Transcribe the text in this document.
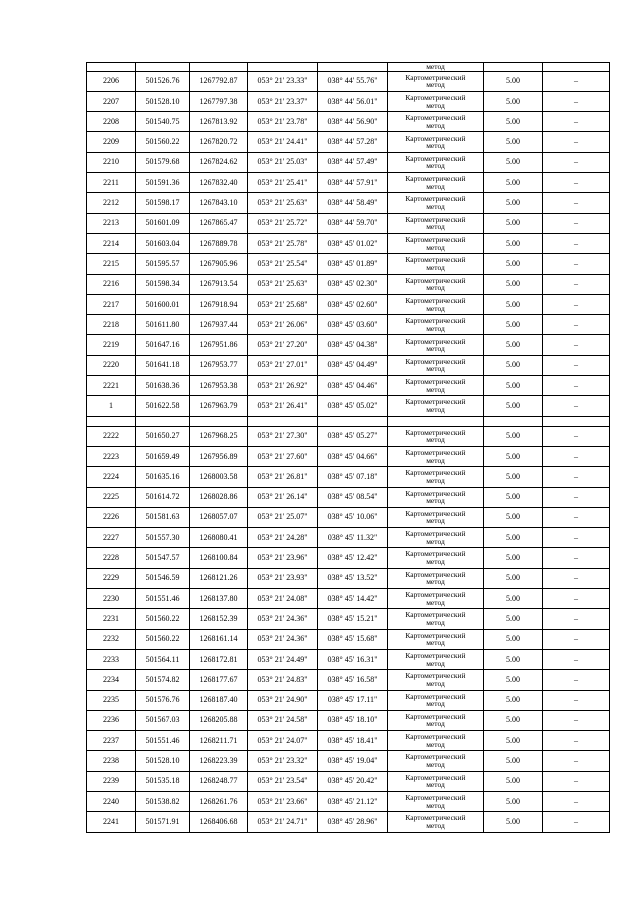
					метод		
2206	501526.76	1267792.87	053° 21' 23.33"	038° 44' 55.76"	Картометрический
метод	5.00	–
2207	501528.10	1267797.38	053° 21' 23.37"	038° 44' 56.01"	Картометрический
метод	5.00	–
2208	501540.75	1267813.92	053° 21' 23.78"	038° 44' 56.90"	Картометрический
метод	5.00	–
2209	501560.22	1267820.72	053° 21' 24.41"	038° 44' 57.28"	Картометрический
метод	5.00	–
2210	501579.68	1267824.62	053° 21' 25.03"	038° 44' 57.49"	Картометрический
метод	5.00	–
2211	501591.36	1267832.40	053° 21' 25.41"	038° 44' 57.91"	Картометрический
метод	5.00	–
2212	501598.17	1267843.10	053° 21' 25.63"	038° 44' 58.49"	Картометрический
метод	5.00	–
2213	501601.09	1267865.47	053° 21' 25.72"	038° 44' 59.70"	Картометрический
метод	5.00	–
2214	501603.04	1267889.78	053° 21' 25.78"	038° 45' 01.02"	Картометрический
метод	5.00	–
2215	501595.57	1267905.96	053° 21' 25.54"	038° 45' 01.89"	Картометрический
метод	5.00	–
2216	501598.34	1267913.54	053° 21' 25.63"	038° 45' 02.30"	Картометрический
метод	5.00	–
2217	501600.01	1267918.94	053° 21' 25.68"	038° 45' 02.60"	Картометрический
метод	5.00	–
2218	501611.80	1267937.44	053° 21' 26.06"	038° 45' 03.60"	Картометрический
метод	5.00	–
2219	501647.16	1267951.86	053° 21' 27.20"	038° 45' 04.38"	Картометрический
метод	5.00	–
2220	501641.18	1267953.77	053° 21' 27.01"	038° 45' 04.49"	Картометрический
метод	5.00	–
2221	501638.36	1267953.38	053° 21' 26.92"	038° 45' 04.46"	Картометрический
метод	5.00	–
1	501622.58	1267963.79	053° 21' 26.41"	038° 45' 05.02"	Картометрический
метод	5.00	–

2222	501650.27	1267968.25	053° 21' 27.30"	038° 45' 05.27"	Картометрический
метод	5.00	–
2223	501659.49	1267956.89	053° 21' 27.60"	038° 45' 04.66"	Картометрический
метод	5.00	–
2224	501635.16	1268003.58	053° 21' 26.81"	038° 45' 07.18"	Картометрический
метод	5.00	–
2225	501614.72	1268028.86	053° 21' 26.14"	038° 45' 08.54"	Картометрический
метод	5.00	–
2226	501581.63	1268057.07	053° 21' 25.07"	038° 45' 10.06"	Картометрический
метод	5.00	–
2227	501557.30	1268080.41	053° 21' 24.28"	038° 45' 11.32"	Картометрический
метод	5.00	–
2228	501547.57	1268100.84	053° 21' 23.96"	038° 45' 12.42"	Картометрический
метод	5.00	–
2229	501546.59	1268121.26	053° 21' 23.93"	038° 45' 13.52"	Картометрический
метод	5.00	–
2230	501551.46	1268137.80	053° 21' 24.08"	038° 45' 14.42"	Картометрический
метод	5.00	–
2231	501560.22	1268152.39	053° 21' 24.36"	038° 45' 15.21"	Картометрический
метод	5.00	–
2232	501560.22	1268161.14	053° 21' 24.36"	038° 45' 15.68"	Картометрический
метод	5.00	–
2233	501564.11	1268172.81	053° 21' 24.49"	038° 45' 16.31"	Картометрический
метод	5.00	–
2234	501574.82	1268177.67	053° 21' 24.83"	038° 45' 16.58"	Картометрический
метод	5.00	–
2235	501576.76	1268187.40	053° 21' 24.90"	038° 45' 17.11"	Картометрический
метод	5.00	–
2236	501567.03	1268205.88	053° 21' 24.58"	038° 45' 18.10"	Картометрический
метод	5.00	–
2237	501551.46	1268211.71	053° 21' 24.07"	038° 45' 18.41"	Картометрический
метод	5.00	–
2238	501528.10	1268223.39	053° 21' 23.32"	038° 45' 19.04"	Картометрический
метод	5.00	–
2239	501535.18	1268248.77	053° 21' 23.54"	038° 45' 20.42"	Картометрический
метод	5.00	–
2240	501538.82	1268261.76	053° 21' 23.66"	038° 45' 21.12"	Картометрический
метод	5.00	–
2241	501571.91	1268406.68	053° 21' 24.71"	038° 45' 28.96"	Картометрический
метод	5.00	–
